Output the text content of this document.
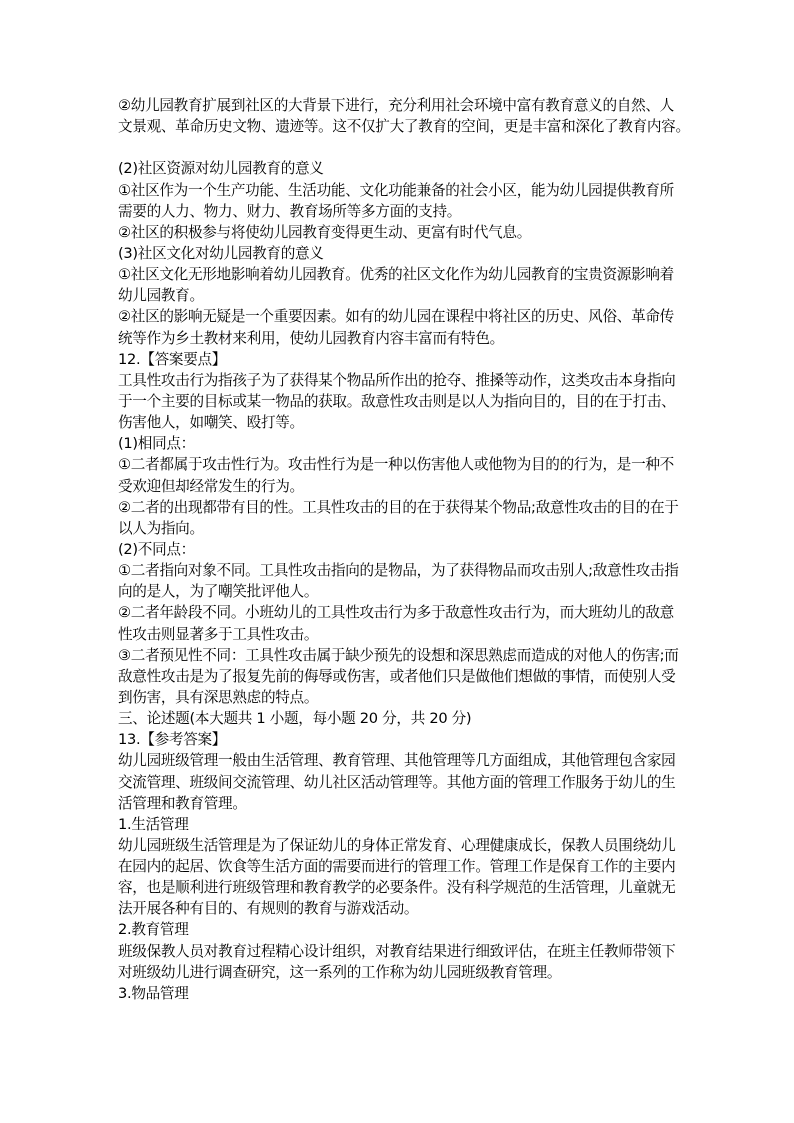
②幼儿园教育扩展到社区的大背景下进行，充分利用社会环境中富有教育意义的自然、人
文景观、革命历史文物、遗迹等。这不仅扩大了教育的空间，更是丰富和深化了教育内容。
(2)社区资源对幼儿园教育的意义
①社区作为一个生产功能、生活功能、文化功能兼备的社会小区，能为幼儿园提供教育所
需要的人力、物力、财力、教育场所等多方面的支持。
②社区的积极参与将使幼儿园教育变得更生动、更富有时代气息。
(3)社区文化对幼儿园教育的意义
①社区文化无形地影响着幼儿园教育。优秀的社区文化作为幼儿园教育的宝贵资源影响着
幼儿园教育。
②社区的影响无疑是一个重要因素。如有的幼儿园在课程中将社区的历史、风俗、革命传
统等作为乡土教材来利用，使幼儿园教育内容丰富而有特色。
12.【答案要点】
工具性攻击行为指孩子为了获得某个物品所作出的抢夺、推搡等动作，这类攻击本身指向
于一个主要的目标或某一物品的获取。敌意性攻击则是以人为指向目的，目的在于打击、
伤害他人，如嘲笑、殴打等。
(1)相同点：
①二者都属于攻击性行为。攻击性行为是一种以伤害他人或他物为目的的行为，是一种不
受欢迎但却经常发生的行为。
②二者的出现都带有目的性。工具性攻击的目的在于获得某个物品;敌意性攻击的目的在于
以人为指向。
(2)不同点：
①二者指向对象不同。工具性攻击指向的是物品，为了获得物品而攻击别人;敌意性攻击指
向的是人，为了嘲笑批评他人。
②二者年龄段不同。小班幼儿的工具性攻击行为多于敌意性攻击行为，而大班幼儿的敌意
性攻击则显著多于工具性攻击。
③二者预见性不同：工具性攻击属于缺少预先的设想和深思熟虑而造成的对他人的伤害;而
敌意性攻击是为了报复先前的侮辱或伤害，或者他们只是做他们想做的事情，而使别人受
到伤害，具有深思熟虑的特点。
三、论述题(本大题共 1 小题，每小题 20 分，共 20 分)
13.【参考答案】
幼儿园班级管理一般由生活管理、教育管理、其他管理等几方面组成，其他管理包含家园
交流管理、班级间交流管理、幼儿社区活动管理等。其他方面的管理工作服务于幼儿的生
活管理和教育管理。
1.生活管理
幼儿园班级生活管理是为了保证幼儿的身体正常发育、心理健康成长，保教人员围绕幼儿
在园内的起居、饮食等生活方面的需要而进行的管理工作。管理工作是保育工作的主要内
容，也是顺利进行班级管理和教育教学的必要条件。没有科学规范的生活管理，儿童就无
法开展各种有目的、有规则的教育与游戏活动。
2.教育管理
班级保教人员对教育过程精心设计组织，对教育结果进行细致评估，在班主任教师带领下
对班级幼儿进行调查研究，这一系列的工作称为幼儿园班级教育管理。
3.物品管理
